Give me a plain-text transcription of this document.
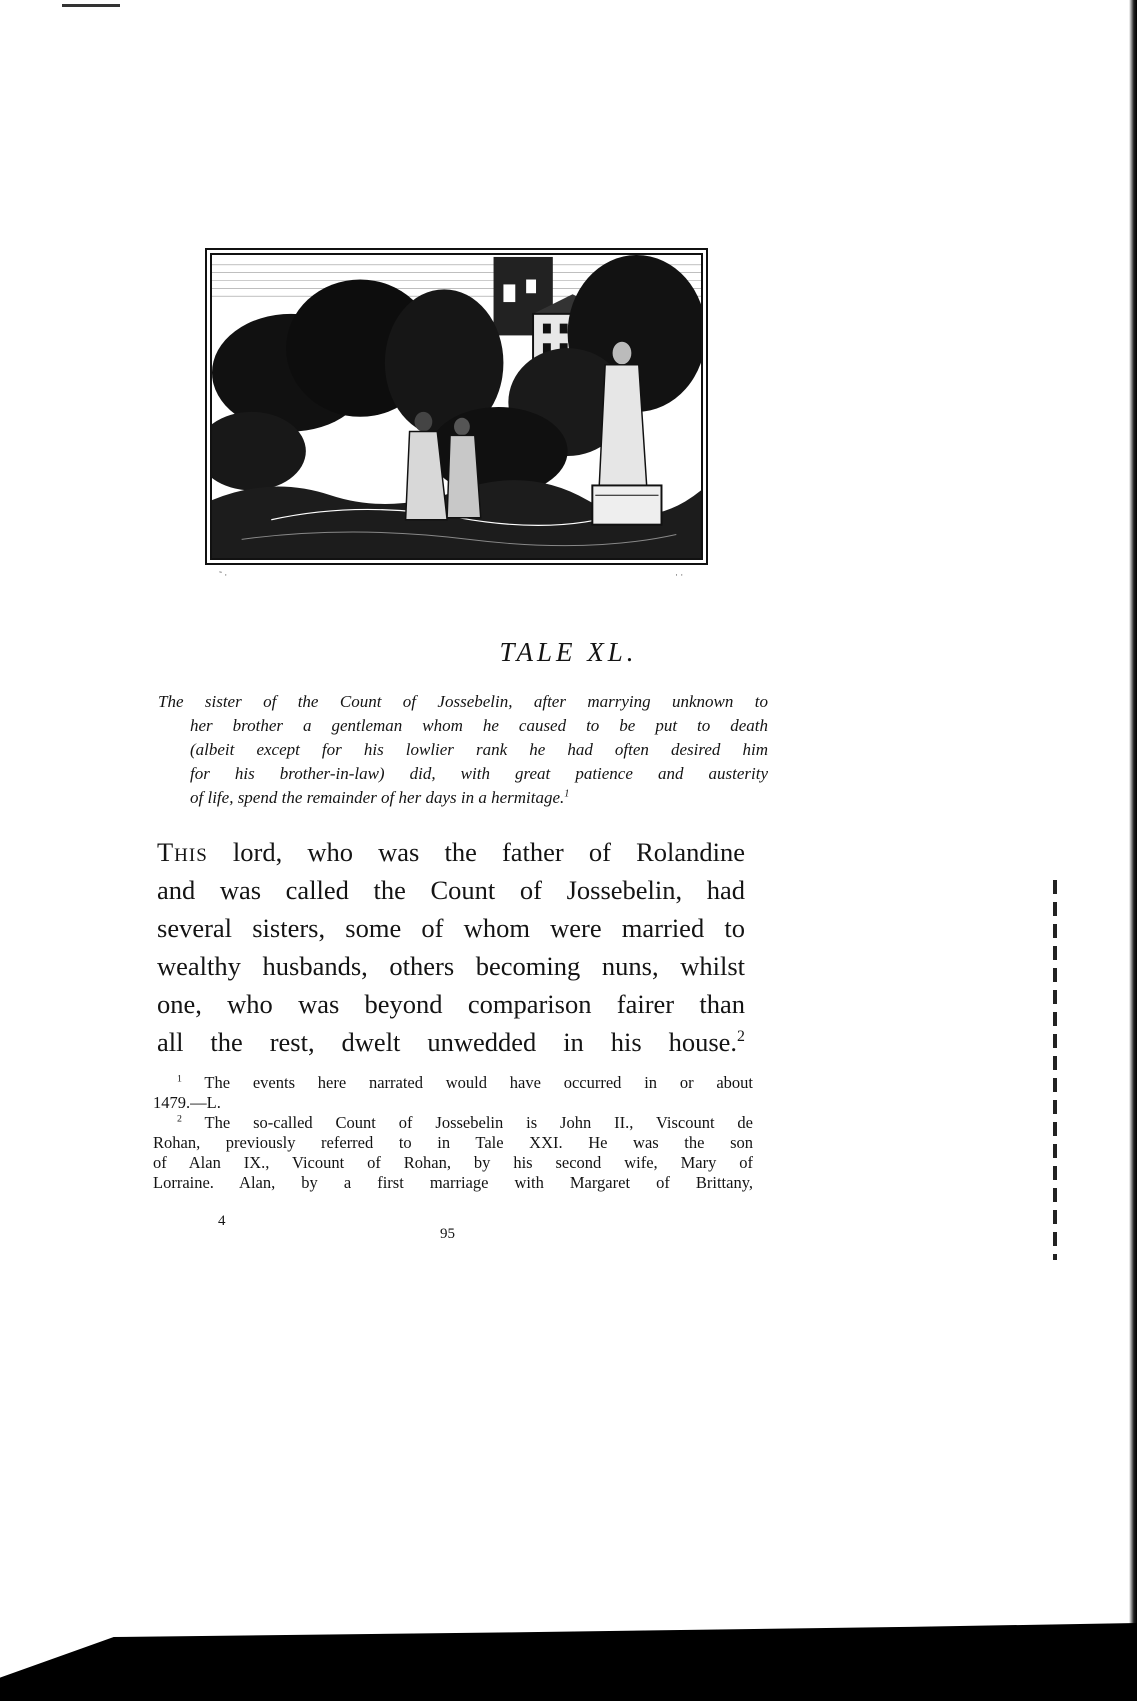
˜ ·	· ·
TALE XL.

The sister of the Count of Jossebelin, after marrying unknown to
her brother a gentleman whom he caused to be put to death
(albeit except for his lowlier rank he had often desired him
for his brother-in-law) did, with great patience and austerity
of life, spend the remainder of her days in a hermitage.$^1$

This lord, who was the father of Rolandine
and was called the Count of Jossebelin, had
several sisters, some of whom were married to
wealthy husbands, others becoming nuns, whilst
one, who was beyond comparison fairer than
all the rest, dwelt unwedded in his house.$^2$

$^1$ The events here narrated would have occurred in or about
1479.—L.
$^2$ The so-called Count of Jossebelin is John II., Viscount de
Rohan, previously referred to in Tale XXI. He was the son
of Alan IX., Vicount of Rohan, by his second wife, Mary of
Lorraine. Alan, by a first marriage with Margaret of Brittany,
4
95
